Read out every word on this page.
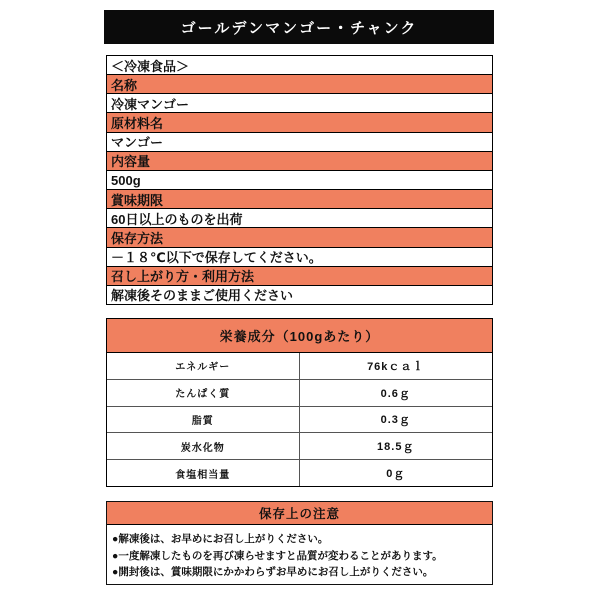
ゴールデンマンゴー・チャンク
＜冷凍食品＞
名称
冷凍マンゴー
原材料名
マンゴー
内容量
500g
賞味期限
60日以上のものを出荷
保存方法
－１８℃以下で保存してください。
召し上がり方・利用方法
解凍後そのままご使用ください
栄養成分（100gあたり）
エネルギー	76kｃａｌ
たんぱく質	0.6ｇ
脂質	0.3ｇ
炭水化物	18.5ｇ
食塩相当量	0ｇ
保存上の注意
●解凍後は、お早めにお召し上がりください。
●一度解凍したものを再び凍らせますと品質が変わることがあります。
●開封後は、賞味期限にかかわらずお早めにお召し上がりください。
